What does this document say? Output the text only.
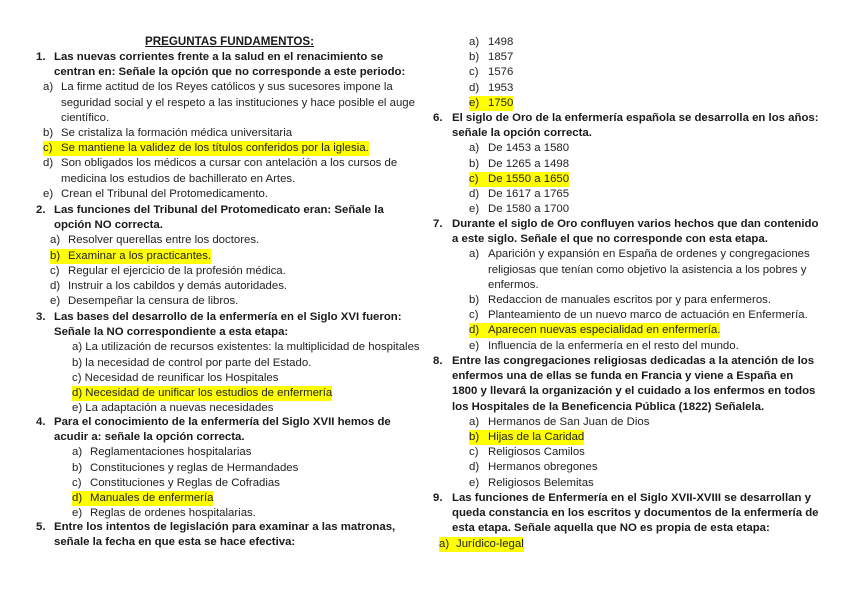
PREGUNTAS FUNDAMENTOS:
1. Las nuevas corrientes frente a la salud en el renacimiento se
centran en: Señale la opción que no corresponde a este periodo:
a) La firme actitud de los Reyes católicos y sus sucesores impone la
seguridad social y el respeto a las instituciones y hace posible el auge
científico.
b) Se cristaliza la formación médica universitaria
c) Se mantiene la validez de los títulos conferidos por la iglesia.
d) Son obligados los médicos a cursar con antelación a los cursos de
medicina los estudios de bachillerato en Artes.
e) Crean el Tribunal del Protomedicamento.
2. Las funciones del Tribunal del Protomedicato eran: Señale la
opción NO correcta.
a) Resolver querellas entre los doctores.
b) Examinar a los practicantes.
c) Regular el ejercicio de la profesión médica.
d) Instruir a los cabildos y demás autoridades.
e) Desempeñar la censura de libros.
3. Las bases del desarrollo de la enfermería en el Siglo XVI fueron:
Señale la NO correspondiente a esta etapa:
a) La utilización de recursos existentes: la multiplicidad de hospitales
b) la necesidad de control por parte del Estado.
c) Necesidad de reunificar los Hospitales
d) Necesidad de unificar los estudios de enfermería
e) La adaptación a nuevas necesidades
4. Para el conocimiento de la enfermería del Siglo XVII hemos de
acudir a: señale la opción correcta.
a) Reglamentaciones hospitalarias
b) Constituciones y reglas de Hermandades
c) Constituciones y Reglas de Cofradias
d) Manuales de enfermería
e) Reglas de ordenes hospitalarias.
5. Entre los intentos de legislación para examinar a las matronas,
señale la fecha en que esta se hace efectiva:
a) 1498
b) 1857
c) 1576
d) 1953
e) 1750
6. El siglo de Oro de la enfermería española se desarrolla en los años:
señale la opción correcta.
a) De 1453 a 1580
b) De 1265 a 1498
c) De 1550 a 1650
d) De 1617 a 1765
e) De 1580 a 1700
7. Durante el siglo de Oro confluyen varios hechos que dan contenido
a este siglo. Señale el que no corresponde con esta etapa.
a) Aparición y expansión en España de ordenes y congregaciones
religiosas que tenían como objetivo la asistencia a los pobres y
enfermos.
b) Redaccion de manuales escritos por y para enfermeros.
c) Planteamiento de un nuevo marco de actuación en Enfermería.
d) Aparecen nuevas especialidad en enfermería.
e) Influencia de la enfermería en el resto del mundo.
8. Entre las congregaciones religiosas dedicadas a la atención de los
enfermos una de ellas se funda en Francia y viene a España en
1800 y llevará la organización y el cuidado a los enfermos en todos
los Hospitales de la Beneficencia Pública (1822) Señalela.
a) Hermanos de San Juan de Dios
b) Hijas de la Caridad
c) Religiosos Camilos
d) Hermanos obregones
e) Religiosos Belemitas
9. Las funciones de Enfermería en el Siglo XVII-XVIII se desarrollan y
queda constancia en los escritos y documentos de la enfermería de
esta etapa. Señale aquella que NO es propia de esta etapa:
a) Jurídico-legal
